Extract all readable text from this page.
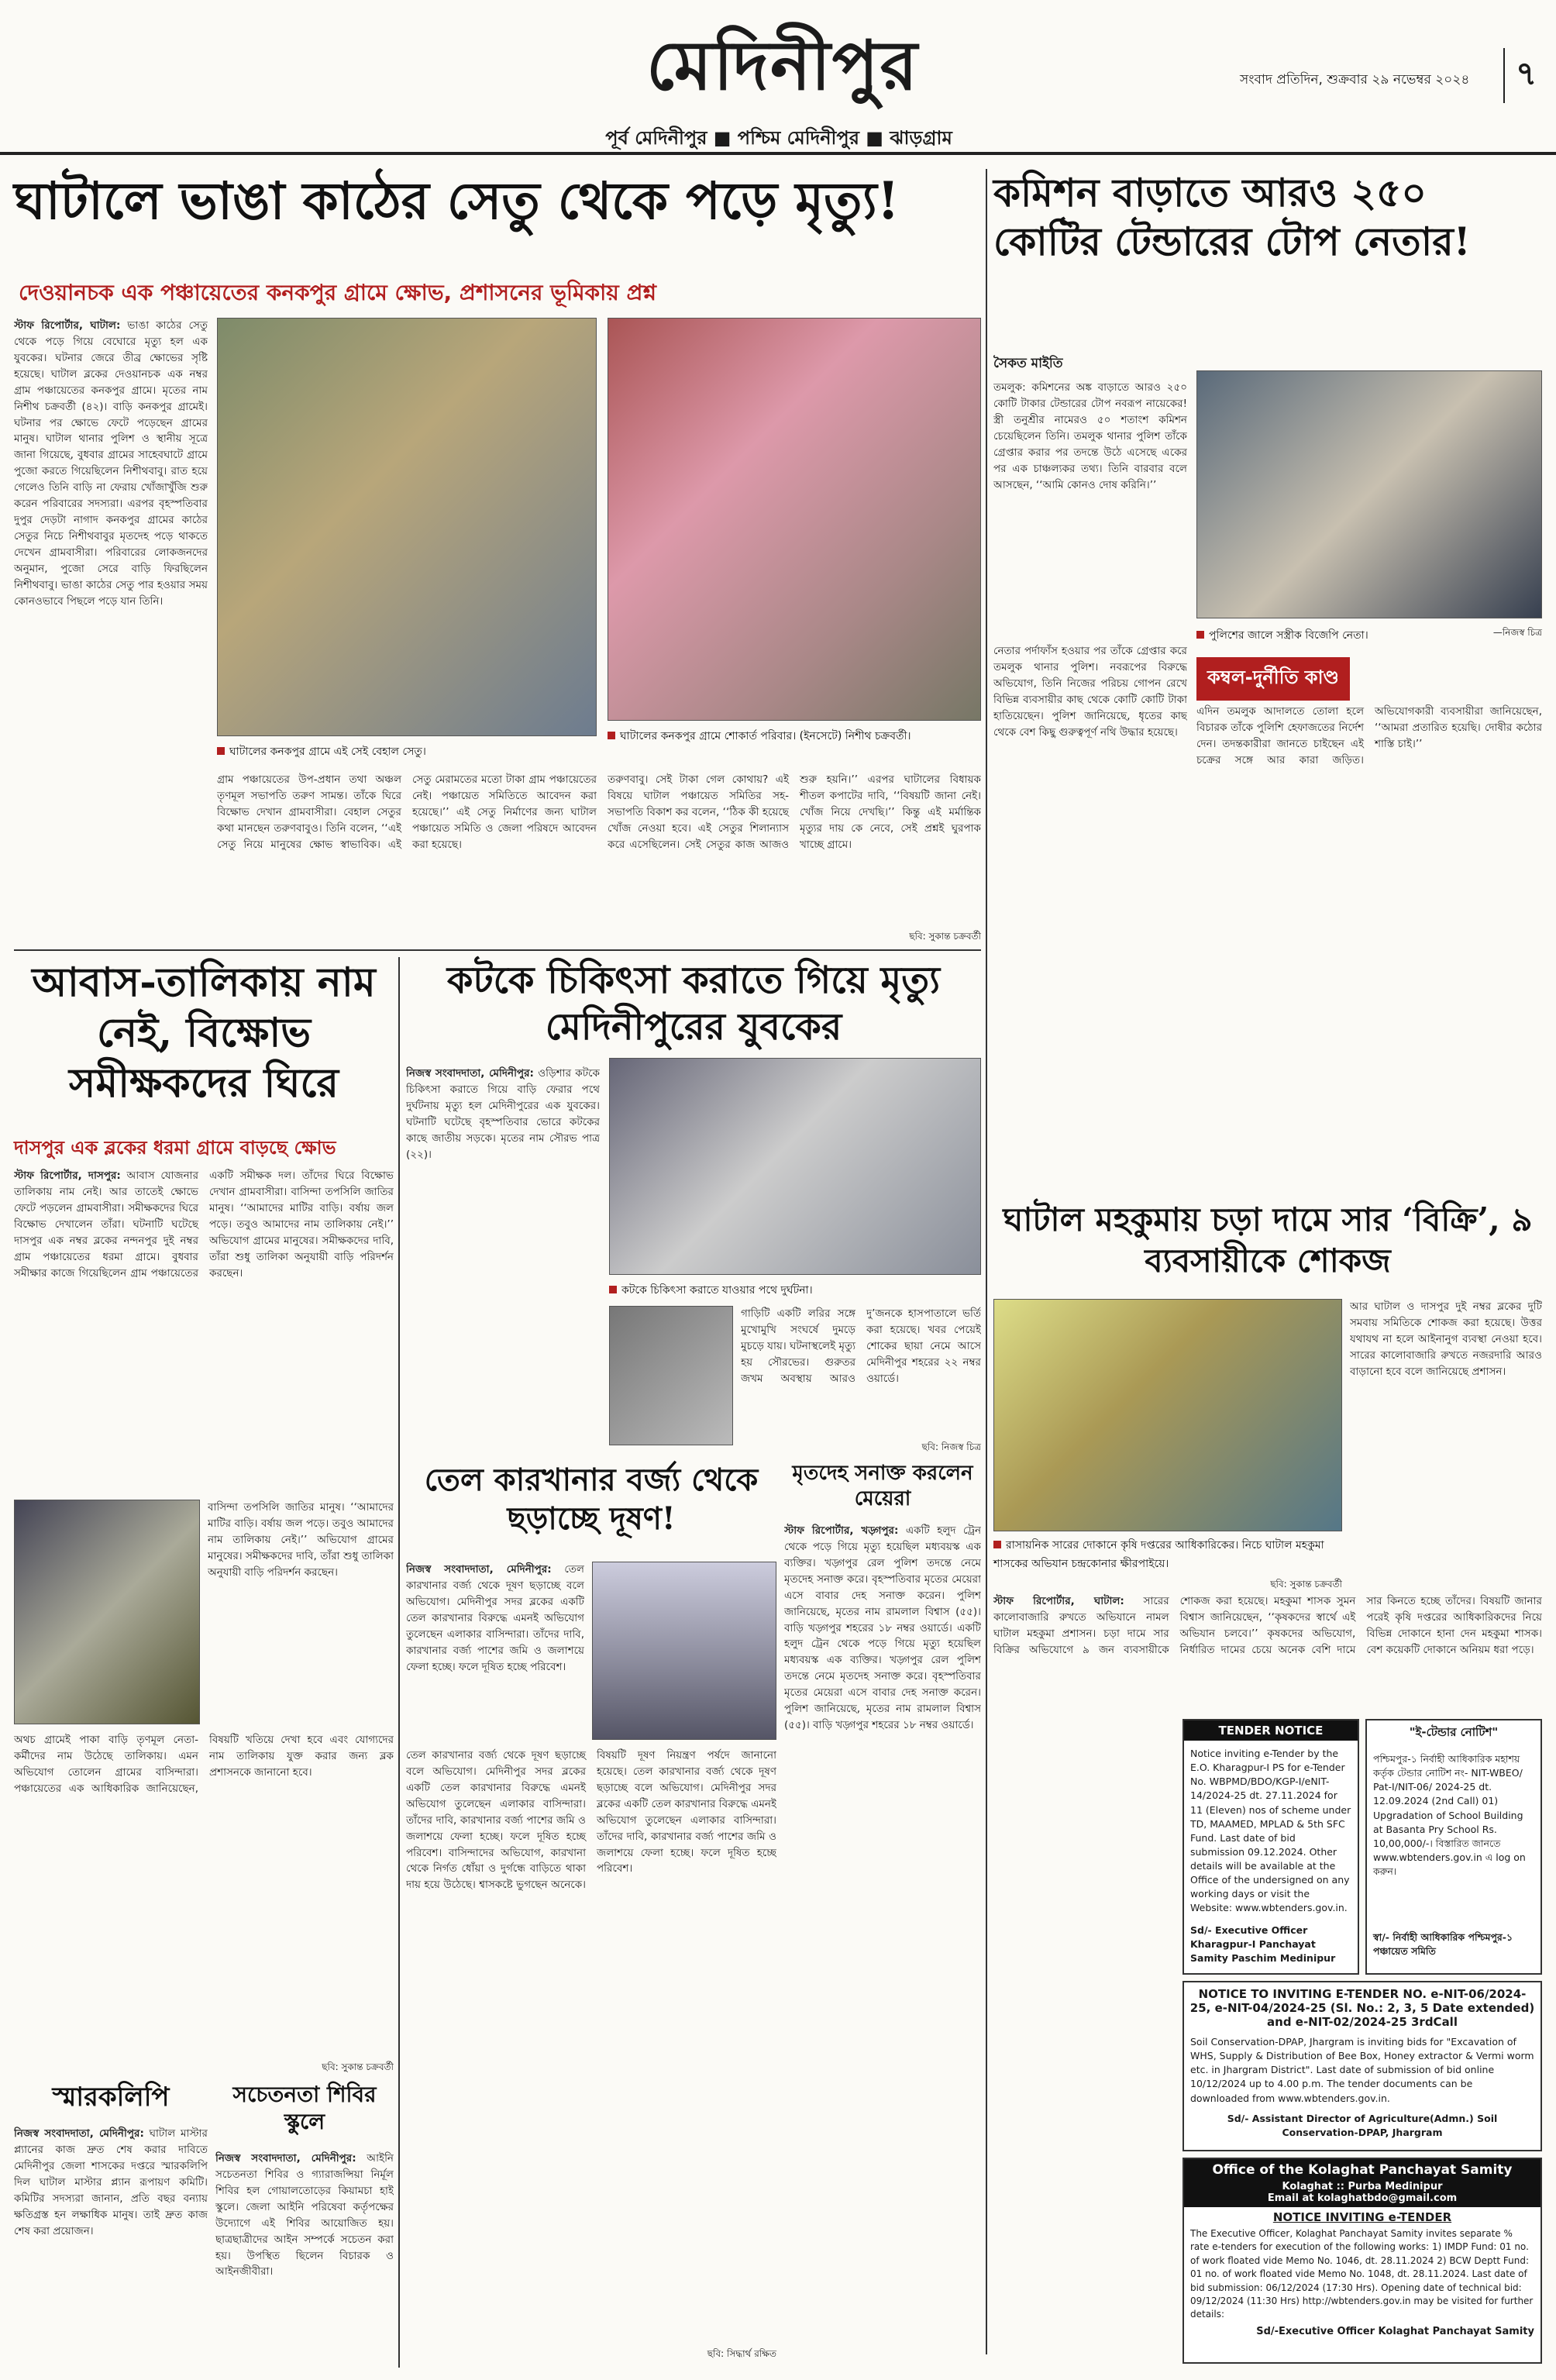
মেদিনীপুর	সংবাদ প্রতিদিন, শুক্রবার ২৯ নভেম্বর ২০২৪	৭
পূর্ব মেদিনীপুর ■ পশ্চিম মেদিনীপুর ■ ঝাড়গ্রাম
ঘাটালে ভাঙা কাঠের সেতু থেকে পড়ে মৃত্যু!
দেওয়ানচক এক পঞ্চায়েতের কনকপুর গ্রামে ক্ষোভ, প্রশাসনের ভূমিকায় প্রশ্ন
স্টাফ রিপোর্টার, ঘাটাল: ভাঙা কাঠের সেতু থেকে পড়ে গিয়ে বেঘোরে মৃত্যু হল এক যুবকের। ঘটনার জেরে তীব্র ক্ষোভের সৃষ্টি হয়েছে। ঘাটাল ব্লকের দেওয়ানচক এক নম্বর গ্রাম পঞ্চায়েতের কনকপুর গ্রামে। মৃতের নাম নিশীথ চক্রবর্তী (৪২)। বাড়ি কনকপুর গ্রামেই। ঘটনার পর ক্ষোভে ফেটে পড়েছেন গ্রামের মানুষ। ঘাটাল থানার পুলিশ ও স্থানীয় সূত্রে জানা গিয়েছে, বুধবার গ্রামের সাহেবঘাটে গ্রামে পুজো করতে গিয়েছিলেন নিশীথবাবু। রাত হয়ে গেলেও তিনি বাড়ি না ফেরায় খোঁজাখুঁজি শুরু করেন পরিবারের সদস্যরা। এরপর বৃহস্পতিবার দুপুর দেড়টা নাগাদ কনকপুর গ্রামের কাঠের সেতুর নিচে নিশীথবাবুর মৃতদেহ পড়ে থাকতে দেখেন গ্রামবাসীরা। পরিবারের লোকজনদের অনুমান, পুজো সেরে বাড়ি ফিরছিলেন নিশীথবাবু। ভাঙা কাঠের সেতু পার হওয়ার সময় কোনওভাবে পিছলে পড়ে যান তিনি।
ঘাটালের কনকপুর গ্রামে এই সেই বেহাল সেতু।
গ্রাম পঞ্চায়েতের উপ-প্রধান তথা অঞ্চল তৃণমূল সভাপতি তরুণ সামন্ত। তাঁকে ঘিরে বিক্ষোভ দেখান গ্রামবাসীরা। বেহাল সেতুর কথা মানছেন তরুণবাবুও। তিনি বলেন, ‘‘এই সেতু নিয়ে মানুষের ক্ষোভ স্বাভাবিক। এই সেতু মেরামতের মতো টাকা গ্রাম পঞ্চায়েতের নেই। পঞ্চায়েত সমিতিতে আবেদন করা হয়েছে।’’ এই সেতু নির্মাণের জন্য ঘাটাল পঞ্চায়েত সমিতি ও জেলা পরিষদে আবেদন করা হয়েছে।
ঘাটালের কনকপুর গ্রামে শোকার্ত পরিবার। (ইনসেটে) নিশীথ চক্রবর্তী।
তরুণবাবু। সেই টাকা গেল কোথায়? এই বিষয়ে ঘাটাল পঞ্চায়েত সমিতির সহ-সভাপতি বিকাশ কর বলেন, ‘‘ঠিক কী হয়েছে খোঁজ নেওয়া হবে। এই সেতুর শিলান্যাস করে এসেছিলেন। সেই সেতুর কাজ আজও শুরু হয়নি।’’ এরপর ঘাটালের বিধায়ক শীতল কপাটের দাবি, ‘‘বিষয়টি জানা নেই। খোঁজ নিয়ে দেখছি।’’ কিন্তু এই মর্মান্তিক মৃত্যুর দায় কে নেবে, সেই প্রশ্নই ঘুরপাক খাচ্ছে গ্রামে।
ছবি: সুকান্ত চক্রবর্তী
কমিশন বাড়াতে আরও ২৫০ কোটির টেন্ডারের টোপ নেতার!
সৈকত মাইতি
তমলুক: কমিশনের অঙ্ক বাড়াতে আরও ২৫০ কোটি টাকার টেন্ডারের টোপ নবরূপ নায়েকের! স্ত্রী তনুশ্রীর নামেরও ৫০ শতাংশ কমিশন চেয়েছিলেন তিনি। তমলুক থানার পুলিশ তাঁকে গ্রেপ্তার করার পর তদন্তে উঠে এসেছে একের পর এক চাঞ্চল্যকর তথ্য। তিনি বারবার বলে আসছেন, ‘‘আমি কোনও দোষ করিনি।’’
পুলিশের জালে সস্ত্রীক বিজেপি নেতা।	—নিজস্ব চিত্র
কম্বল-দুর্নীতি কাণ্ড
নেতার পর্দাফাঁস হওয়ার পর তাঁকে গ্রেপ্তার করে তমলুক থানার পুলিশ। নবরূপের বিরুদ্ধে অভিযোগ, তিনি নিজের পরিচয় গোপন রেখে বিভিন্ন ব্যবসায়ীর কাছ থেকে কোটি কোটি টাকা হাতিয়েছেন। পুলিশ জানিয়েছে, ধৃতের কাছ থেকে বেশ কিছু গুরুত্বপূর্ণ নথি উদ্ধার হয়েছে।
এদিন তমলুক আদালতে তোলা হলে বিচারক তাঁকে পুলিশি হেফাজতের নির্দেশ দেন। তদন্তকারীরা জানতে চাইছেন এই চক্রের সঙ্গে আর কারা জড়িত। অভিযোগকারী ব্যবসায়ীরা জানিয়েছেন, ‘‘আমরা প্রতারিত হয়েছি। দোষীর কঠোর শাস্তি চাই।’’
আবাস-তালিকায় নাম নেই, বিক্ষোভ সমীক্ষকদের ঘিরে
দাসপুর এক ব্লকের ধরমা গ্রামে বাড়ছে ক্ষোভ
স্টাফ রিপোর্টার, দাসপুর: আবাস যোজনার তালিকায় নাম নেই। আর তাতেই ক্ষোভে ফেটে পড়লেন গ্রামবাসীরা। সমীক্ষকদের ঘিরে বিক্ষোভ দেখালেন তাঁরা। ঘটনাটি ঘটেছে দাসপুর এক নম্বর ব্লকের নন্দনপুর দুই নম্বর গ্রাম পঞ্চায়েতের ধরমা গ্রামে। বুধবার সমীক্ষার কাজে গিয়েছিলেন গ্রাম পঞ্চায়েতের একটি সমীক্ষক দল। তাঁদের ঘিরে বিক্ষোভ দেখান গ্রামবাসীরা। বাসিন্দা তপসিলি জাতির মানুষ। ‘‘আমাদের মাটির বাড়ি। বর্ষায় জল পড়ে। তবুও আমাদের নাম তালিকায় নেই।’’ অভিযোগ গ্রামের মানুষের। সমীক্ষকদের দাবি, তাঁরা শুধু তালিকা অনুযায়ী বাড়ি পরিদর্শন করছেন।
বাসিন্দা তপসিলি জাতির মানুষ। ‘‘আমাদের মাটির বাড়ি। বর্ষায় জল পড়ে। তবুও আমাদের নাম তালিকায় নেই।’’ অভিযোগ গ্রামের মানুষের। সমীক্ষকদের দাবি, তাঁরা শুধু তালিকা অনুযায়ী বাড়ি পরিদর্শন করছেন।
অথচ গ্রামেই পাকা বাড়ি তৃণমূল নেতা-কর্মীদের নাম উঠেছে তালিকায়। এমন অভিযোগ তোলেন গ্রামের বাসিন্দারা। পঞ্চায়েতের এক আধিকারিক জানিয়েছেন, বিষয়টি খতিয়ে দেখা হবে এবং যোগ্যদের নাম তালিকায় যুক্ত করার জন্য ব্লক প্রশাসনকে জানানো হবে।
ছবি: সুকান্ত চক্রবর্তী
কটকে চিকিৎসা করাতে গিয়ে মৃত্যু মেদিনীপুরের যুবকের
নিজস্ব সংবাদদাতা, মেদিনীপুর: ওড়িশার কটকে চিকিৎসা করাতে গিয়ে বাড়ি ফেরার পথে দুর্ঘটনায় মৃত্যু হল মেদিনীপুরের এক যুবকের। ঘটনাটি ঘটেছে বৃহস্পতিবার ভোরে কটকের কাছে জাতীয় সড়কে। মৃতের নাম সৌরভ পাত্র (২২)।
কটকে চিকিৎসা করাতে যাওয়ার পথে দুর্ঘটনা।
গাড়িটি একটি লরির সঙ্গে মুখোমুখি সংঘর্ষে দুমড়ে মুচড়ে যায়। ঘটনাস্থলেই মৃত্যু হয় সৌরভের। গুরুতর জখম অবস্থায় আরও দু’জনকে হাসপাতালে ভর্তি করা হয়েছে। খবর পেয়েই শোকের ছায়া নেমে আসে মেদিনীপুর শহরের ২২ নম্বর ওয়ার্ডে।
ছবি: নিজস্ব চিত্র
ঘাটাল মহকুমায় চড়া দামে সার ‘বিক্রি’, ৯ ব্যবসায়ীকে শোকজ
রাসায়নিক সারের দোকানে কৃষি দপ্তরের আধিকারিকের। নিচে ঘাটাল মহকুমা শাসকের অভিযান চন্দ্রকোনার ক্ষীরপাইয়ে।
ছবি: সুকান্ত চক্রবর্তী
আর ঘাটাল ও দাসপুর দুই নম্বর ব্লকের দুটি সমবায় সমিতিকে শোকজ করা হয়েছে। উত্তর যথাযথ না হলে আইনানুগ ব্যবস্থা নেওয়া হবে। সারের কালোবাজারি রুখতে নজরদারি আরও বাড়ানো হবে বলে জানিয়েছে প্রশাসন।
স্টাফ রিপোর্টার, ঘাটাল: সারের কালোবাজারি রুখতে অভিযানে নামল ঘাটাল মহকুমা প্রশাসন। চড়া দামে সার বিক্রির অভিযোগে ৯ জন ব্যবসায়ীকে শোকজ করা হয়েছে। মহকুমা শাসক সুমন বিশ্বাস জানিয়েছেন, ‘‘কৃষকদের স্বার্থে এই অভিযান চলবে।’’ কৃষকদের অভিযোগ, নির্ধারিত দামের চেয়ে অনেক বেশি দামে সার কিনতে হচ্ছে তাঁদের। বিষয়টি জানার পরেই কৃষি দপ্তরের আধিকারিকদের নিয়ে বিভিন্ন দোকানে হানা দেন মহকুমা শাসক। বেশ কয়েকটি দোকানে অনিয়ম ধরা পড়ে।
তেল কারখানার বর্জ্য থেকে ছড়াচ্ছে দূষণ!
নিজস্ব সংবাদদাতা, মেদিনীপুর: তেল কারখানার বর্জ্য থেকে দূষণ ছড়াচ্ছে বলে অভিযোগ। মেদিনীপুর সদর ব্লকের একটি তেল কারখানার বিরুদ্ধে এমনই অভিযোগ তুলেছেন এলাকার বাসিন্দারা। তাঁদের দাবি, কারখানার বর্জ্য পাশের জমি ও জলাশয়ে ফেলা হচ্ছে। ফলে দূষিত হচ্ছে পরিবেশ।
তেল কারখানার বর্জ্য থেকে দূষণ ছড়াচ্ছে বলে অভিযোগ। মেদিনীপুর সদর ব্লকের একটি তেল কারখানার বিরুদ্ধে এমনই অভিযোগ তুলেছেন এলাকার বাসিন্দারা। তাঁদের দাবি, কারখানার বর্জ্য পাশের জমি ও জলাশয়ে ফেলা হচ্ছে। ফলে দূষিত হচ্ছে পরিবেশ। বাসিন্দাদের অভিযোগ, কারখানা থেকে নির্গত ধোঁয়া ও দুর্গন্ধে বাড়িতে থাকা দায় হয়ে উঠেছে। শ্বাসকষ্টে ভুগছেন অনেকে। বিষয়টি দূষণ নিয়ন্ত্রণ পর্ষদে জানানো হয়েছে। তেল কারখানার বর্জ্য থেকে দূষণ ছড়াচ্ছে বলে অভিযোগ। মেদিনীপুর সদর ব্লকের একটি তেল কারখানার বিরুদ্ধে এমনই অভিযোগ তুলেছেন এলাকার বাসিন্দারা। তাঁদের দাবি, কারখানার বর্জ্য পাশের জমি ও জলাশয়ে ফেলা হচ্ছে। ফলে দূষিত হচ্ছে পরিবেশ।
ছবি: সিদ্ধার্থ রক্ষিত
মৃতদেহ সনাক্ত করলেন মেয়েরা
স্টাফ রিপোর্টার, খড়্গপুর: একটি হলুদ ট্রেন থেকে পড়ে গিয়ে মৃত্যু হয়েছিল মধ্যবয়স্ক এক ব্যক্তির। খড়্গপুর রেল পুলিশ তদন্তে নেমে মৃতদেহ সনাক্ত করে। বৃহস্পতিবার মৃতের মেয়েরা এসে বাবার দেহ সনাক্ত করেন। পুলিশ জানিয়েছে, মৃতের নাম রামলাল বিশ্বাস (৫৫)। বাড়ি খড়্গপুর শহরের ১৮ নম্বর ওয়ার্ডে। একটি হলুদ ট্রেন থেকে পড়ে গিয়ে মৃত্যু হয়েছিল মধ্যবয়স্ক এক ব্যক্তির। খড়্গপুর রেল পুলিশ তদন্তে নেমে মৃতদেহ সনাক্ত করে। বৃহস্পতিবার মৃতের মেয়েরা এসে বাবার দেহ সনাক্ত করেন। পুলিশ জানিয়েছে, মৃতের নাম রামলাল বিশ্বাস (৫৫)। বাড়ি খড়্গপুর শহরের ১৮ নম্বর ওয়ার্ডে।
স্মারকলিপি
নিজস্ব সংবাদদাতা, মেদিনীপুর: ঘাটাল মাস্টার প্ল্যানের কাজ দ্রুত শেষ করার দাবিতে মেদিনীপুর জেলা শাসকের দপ্তরে স্মারকলিপি দিল ঘাটাল মাস্টার প্ল্যান রূপায়ণ কমিটি। কমিটির সদস্যরা জানান, প্রতি বছর বন্যায় ক্ষতিগ্রস্ত হন লক্ষাধিক মানুষ। তাই দ্রুত কাজ শেষ করা প্রয়োজন।
সচেতনতা শিবির স্কুলে
নিজস্ব সংবাদদাতা, মেদিনীপুর: আইনি সচেতনতা শিবির ও গ্যারাজন্সিয়া নির্মূল শিবির হল গোয়ালতোড়ের কিয়ামচা হাই স্কুলে। জেলা আইনি পরিষেবা কর্তৃপক্ষের উদ্যোগে এই শিবির আয়োজিত হয়। ছাত্রছাত্রীদের আইন সম্পর্কে সচেতন করা হয়। উপস্থিত ছিলেন বিচারক ও আইনজীবীরা।
TENDER NOTICE
Notice inviting e-Tender by the E.O. Kharagpur-I PS for e-Tender No. WBPMD/BDO/KGP-I/eNIT-14/2024-25 dt. 27.11.2024 for 11 (Eleven) nos of scheme under TD, MAAMED, MPLAD & 5th SFC Fund. Last date of bid submission 09.12.2024. Other details will be available at the Office of the undersigned on any working days or visit the Website: www.wbtenders.gov.in.
Sd/- Executive Officer Kharagpur-I Panchayat Samity Paschim Medinipur
"ই-টেন্ডার নোটিশ"
পশ্চিমপুর-১ নির্বাহী আধিকারিক মহাশয় কর্তৃক টেন্ডার নোটিশ নং- NIT-WBEO/ Pat-I/NIT-06/ 2024-25 dt. 12.09.2024 (2nd Call) 01) Upgradation of School Building at Basanta Pry School Rs. 10,00,000/-। বিস্তারিত জানতে www.wbtenders.gov.in এ log on করুন।
স্বা/- নির্বাহী আধিকারিক পশ্চিমপুর-১ পঞ্চায়েত সমিতি
NOTICE TO INVITING E-TENDER NO. e-NIT-06/2024-25, e-NIT-04/2024-25 (Sl. No.: 2, 3, 5 Date extended) and e-NIT-02/2024-25 3rdCall
Soil Conservation-DPAP, Jhargram is inviting bids for "Excavation of WHS, Supply & Distribution of Bee Box, Honey extractor & Vermi worm etc. in Jhargram District". Last date of submission of bid online 10/12/2024 up to 4.00 p.m. The tender documents can be downloaded from www.wbtenders.gov.in.
Sd/- Assistant Director of Agriculture(Admn.) Soil Conservation-DPAP, Jhargram
Office of the Kolaghat Panchayat Samity
Kolaghat :: Purba Medinipur
Email at kolaghatbdo@gmail.com
NOTICE INVITING e-TENDER
The Executive Officer, Kolaghat Panchayat Samity invites separate % rate e-tenders for execution of the following works: 1) IMDP Fund: 01 no. of work floated vide Memo No. 1046, dt. 28.11.2024 2) BCW Deptt Fund: 01 no. of work floated vide Memo No. 1048, dt. 28.11.2024. Last date of bid submission: 06/12/2024 (17:30 Hrs). Opening date of technical bid: 09/12/2024 (11:30 Hrs) http://wbtenders.gov.in may be visited for further details:
Sd/-Executive Officer Kolaghat Panchayat Samity
